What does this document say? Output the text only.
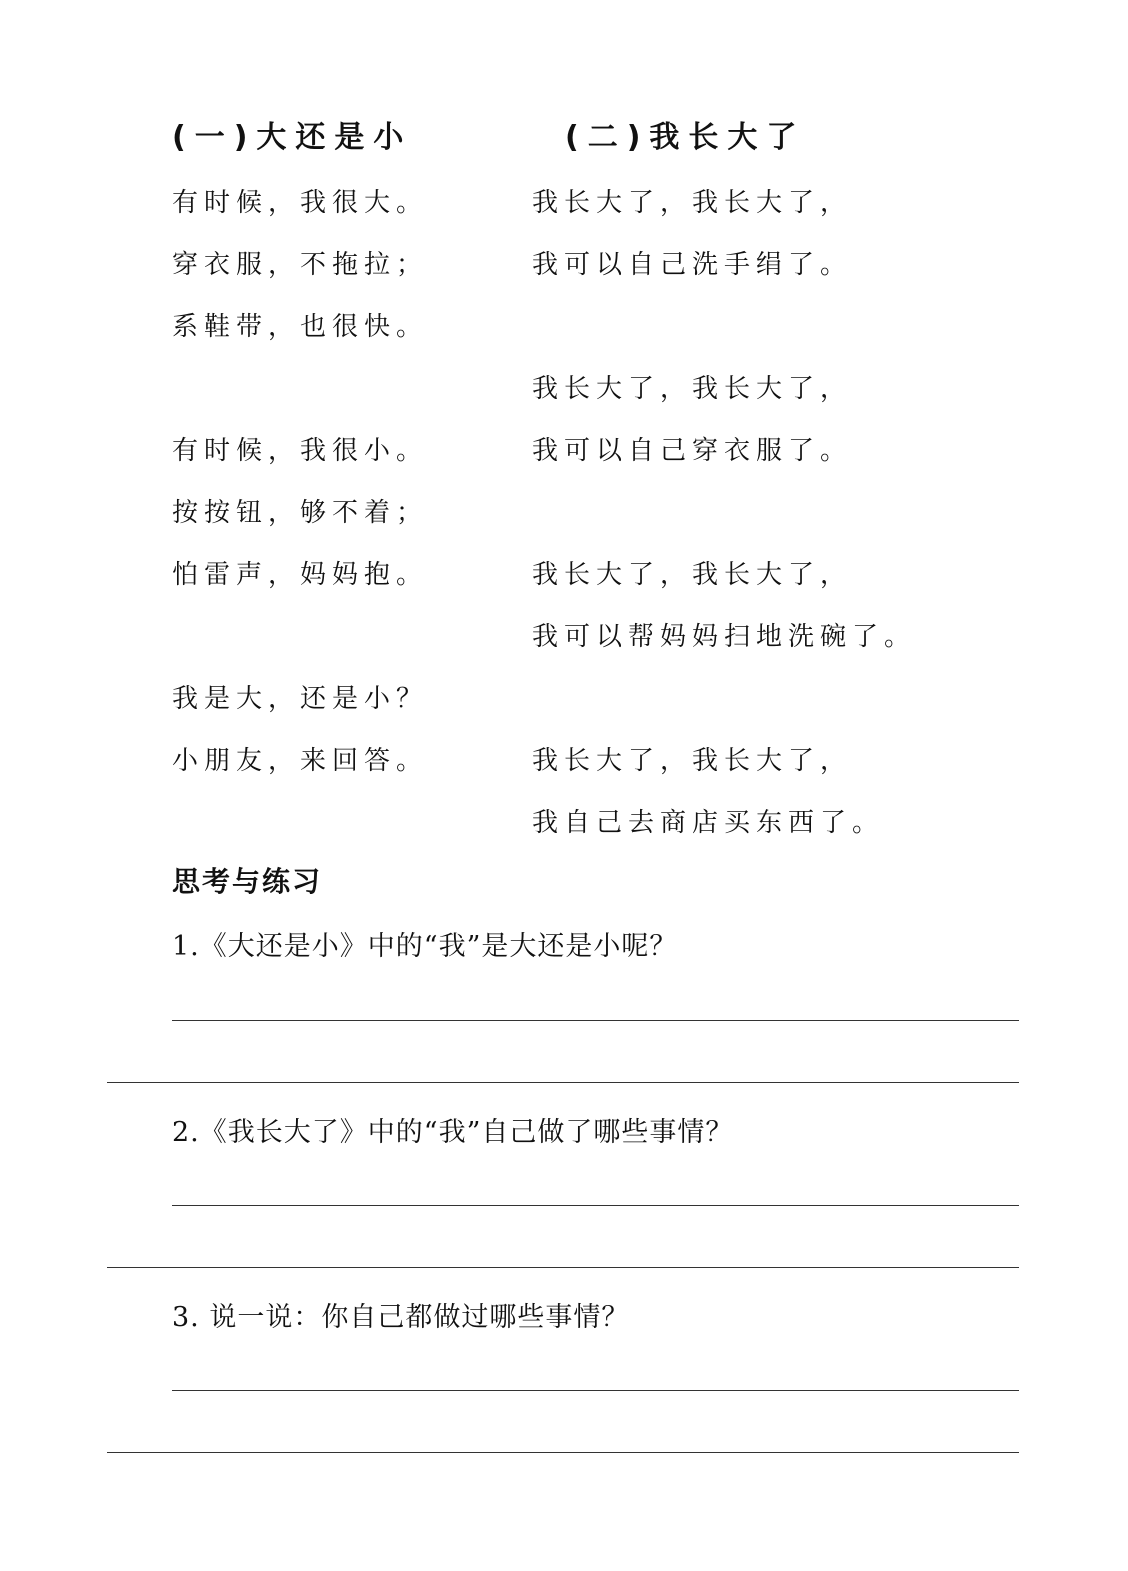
(一)大还是小
有时候，我很大。
穿衣服，不拖拉；
系鞋带，也很快。
有时候，我很小。
按按钮，够不着；
怕雷声，妈妈抱。
我是大，还是小？
小朋友，来回答。
(二)我长大了
我长大了，我长大了，
我可以自己洗手绢了。
我长大了，我长大了，
我可以自己穿衣服了。
我长大了，我长大了，
我可以帮妈妈扫地洗碗了。
我长大了，我长大了，
我自己去商店买东西了。
思考与练习
1.《大还是小》中的“我”是大还是小呢？
2.《我长大了》中的“我”自己做了哪些事情？
3. 说一说：你自己都做过哪些事情？
